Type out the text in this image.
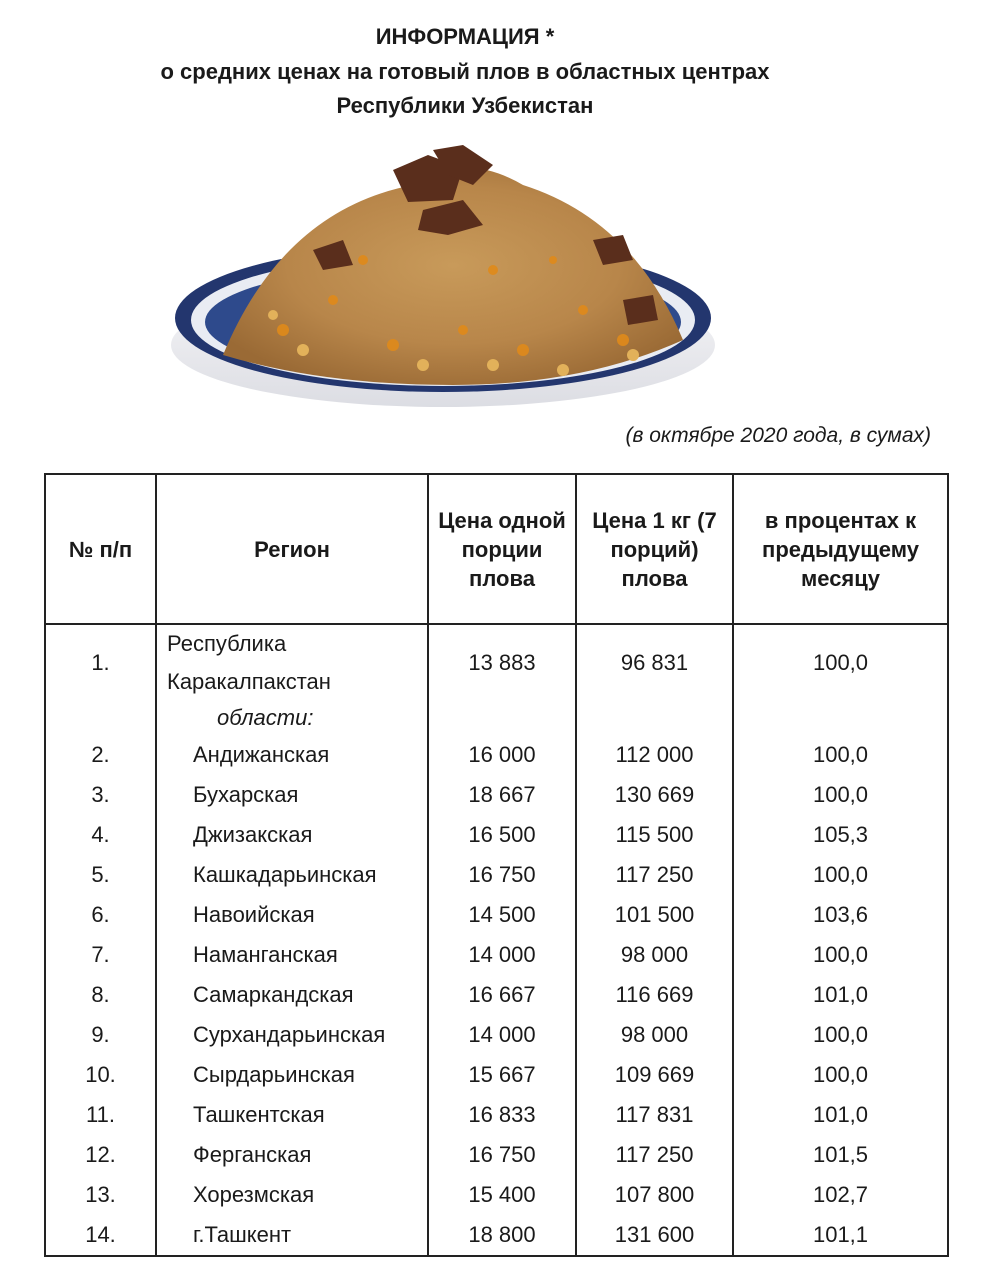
ИНФОРМАЦИЯ *
о средних ценах на готовый плов в областных центрах
Республики Узбекистан
(в октябре 2020 года, в сумах)
№ п/п	Регион	Цена одной порции плова	Цена 1 кг (7 порций) плова	в процентах к предыдущему месяцу
1.	Республика Каракалпакстан	13 883	96 831	100,0
	области:			
2.	Андижанская	16 000	112 000	100,0
3.	Бухарская	18 667	130 669	100,0
4.	Джизакская	16 500	115 500	105,3
5.	Кашкадарьинская	16 750	117 250	100,0
6.	Навоийская	14 500	101 500	103,6
7.	Наманганская	14 000	98 000	100,0
8.	Самаркандская	16 667	116 669	101,0
9.	Сурхандарьинская	14 000	98 000	100,0
10.	Сырдарьинская	15 667	109 669	100,0
11.	Ташкентская	16 833	117 831	101,0
12.	Ферганская	16 750	117 250	101,5
13.	Хорезмская	15 400	107 800	102,7
14.	г.Ташкент	18 800	131 600	101,1
